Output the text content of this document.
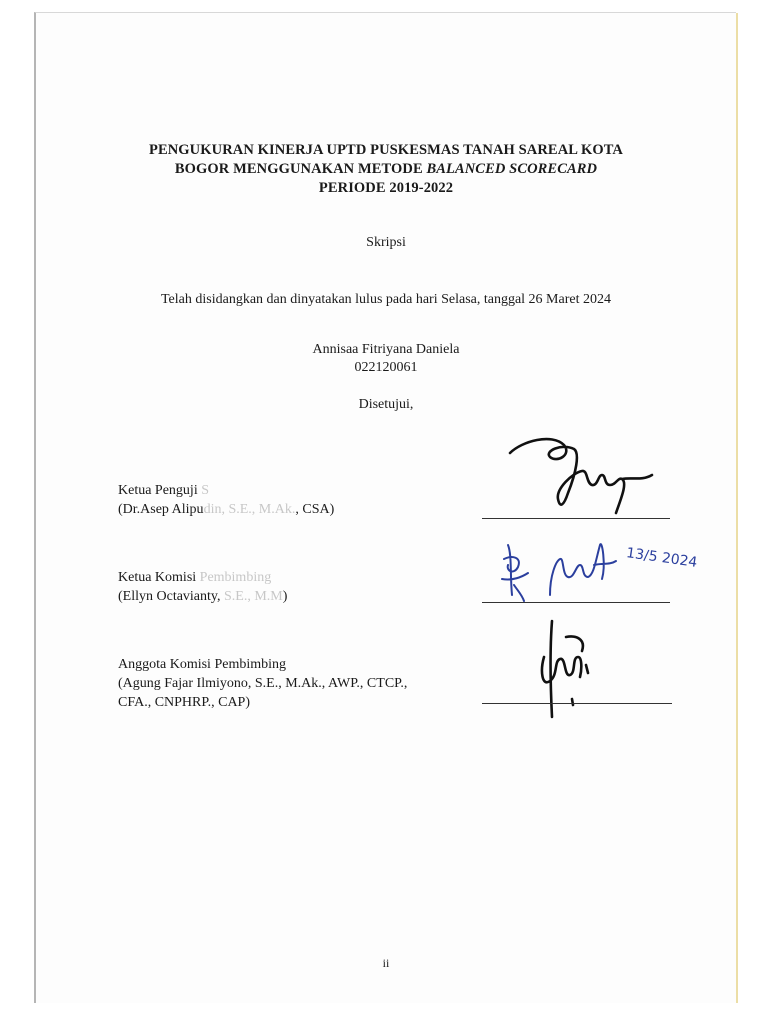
PENGUKURAN KINERJA UPTD PUSKESMAS TANAH SAREAL KOTA
BOGOR MENGGUNAKAN METODE BALANCED SCORECARD
PERIODE 2019-2022
Skripsi
Telah disidangkan dan dinyatakan lulus pada hari Selasa, tanggal 26 Maret 2024
Annisaa Fitriyana Daniela
022120061
Disetujui,
Ketua Penguji S
(Dr.Asep Alipudin, S.E., M.Ak., CSA)
Ketua Komisi Pembimbing
(Ellyn Octavianty, S.E., M.M)
13/5 2024
Anggota Komisi Pembimbing
(Agung Fajar Ilmiyono, S.E., M.Ak., AWP., CTCP.,
CFA., CNPHRP., CAP)
ii
